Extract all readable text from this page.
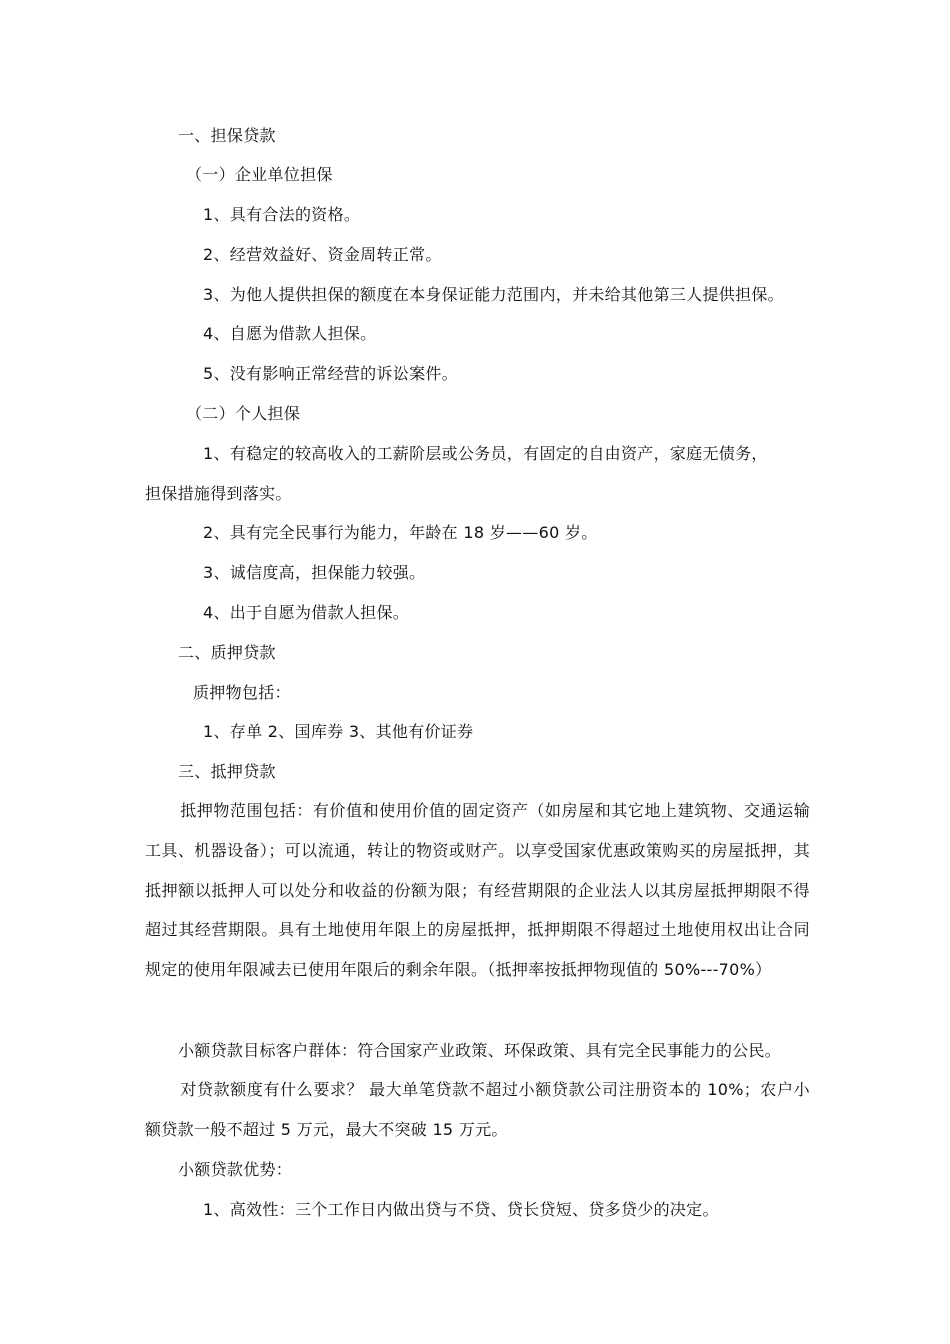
一、担保贷款
（一）企业单位担保
1、具有合法的资格。
2、经营效益好、资金周转正常。
3、为他人提供担保的额度在本身保证能力范围内，并未给其他第三人提供担保。
4、自愿为借款人担保。
5、没有影响正常经营的诉讼案件。
（二）个人担保
1、有稳定的较高收入的工薪阶层或公务员，有固定的自由资产，家庭无债务，
担保措施得到落实。
2、具有完全民事行为能力，年龄在 18 岁——60 岁。
3、诚信度高，担保能力较强。
4、出于自愿为借款人担保。
二、质押贷款
质押物包括：
1、存单 2、国库券 3、其他有价证券
三、抵押贷款
抵押物范围包括：有价值和使用价值的固定资产（如房屋和其它地上建筑物、交通运输工具、机器设备）；可以流通，转让的物资或财产。以享受国家优惠政策购买的房屋抵押，其抵押额以抵押人可以处分和收益的份额为限；有经营期限的企业法人以其房屋抵押期限不得超过其经营期限。具有土地使用年限上的房屋抵押，抵押期限不得超过土地使用权出让合同规定的使用年限减去已使用年限后的剩余年限。（抵押率按抵押物现值的 50%---70%）
小额贷款目标客户群体：符合国家产业政策、环保政策、具有完全民事能力的公民。
对贷款额度有什么要求？ 最大单笔贷款不超过小额贷款公司注册资本的 10%；农户小额贷款一般不超过 5 万元，最大不突破 15 万元。
小额贷款优势：
1、高效性：三个工作日内做出贷与不贷、贷长贷短、贷多贷少的决定。
